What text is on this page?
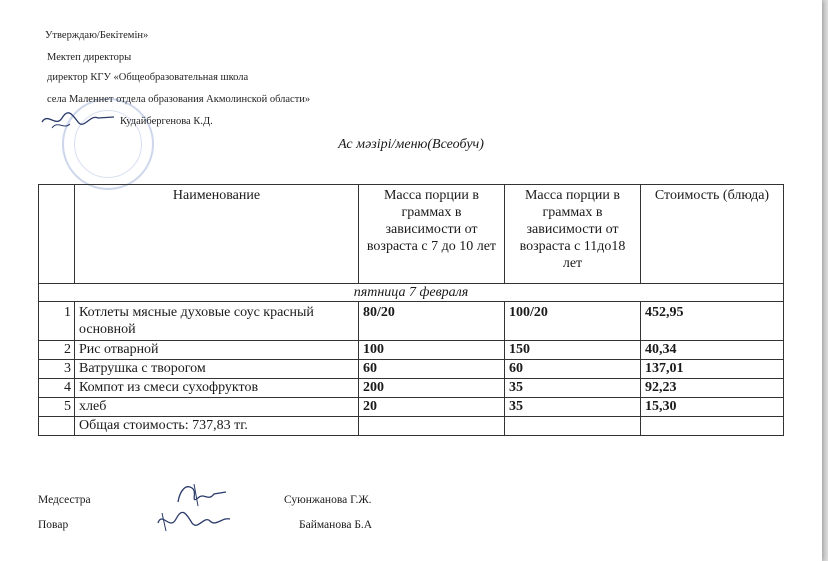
Утверждаю/Бекітемін»
Мектеп директоры
директор КГУ «Общеобразовательная школа
села Маленнет отдела образования Акмолинской области»
Кудайбергенова К.Д.
Ас мәзірі/меню(Всеобуч)
	Наименование	Масса порции в граммах в зависимости от возраста с 7 до 10 лет	Масса порции в граммах в зависимости от возраста с 11до18 лет	Стоимость (блюда)
пятница 7 февраля				
1	Котлеты мясные духовые соус красный основной	80/20	100/20	452,95
2	Рис отварной	100	150	40,34
3	Ватрушка с творогом	60	60	137,01
4	Компот из смеси сухофруктов	200	35	92,23
5	хлеб	20	35	15,30
	Общая стоимость: 737,83 тг.			
Медсестра	Суюнжанова Г.Ж.
Повар	Байманова Б.А
